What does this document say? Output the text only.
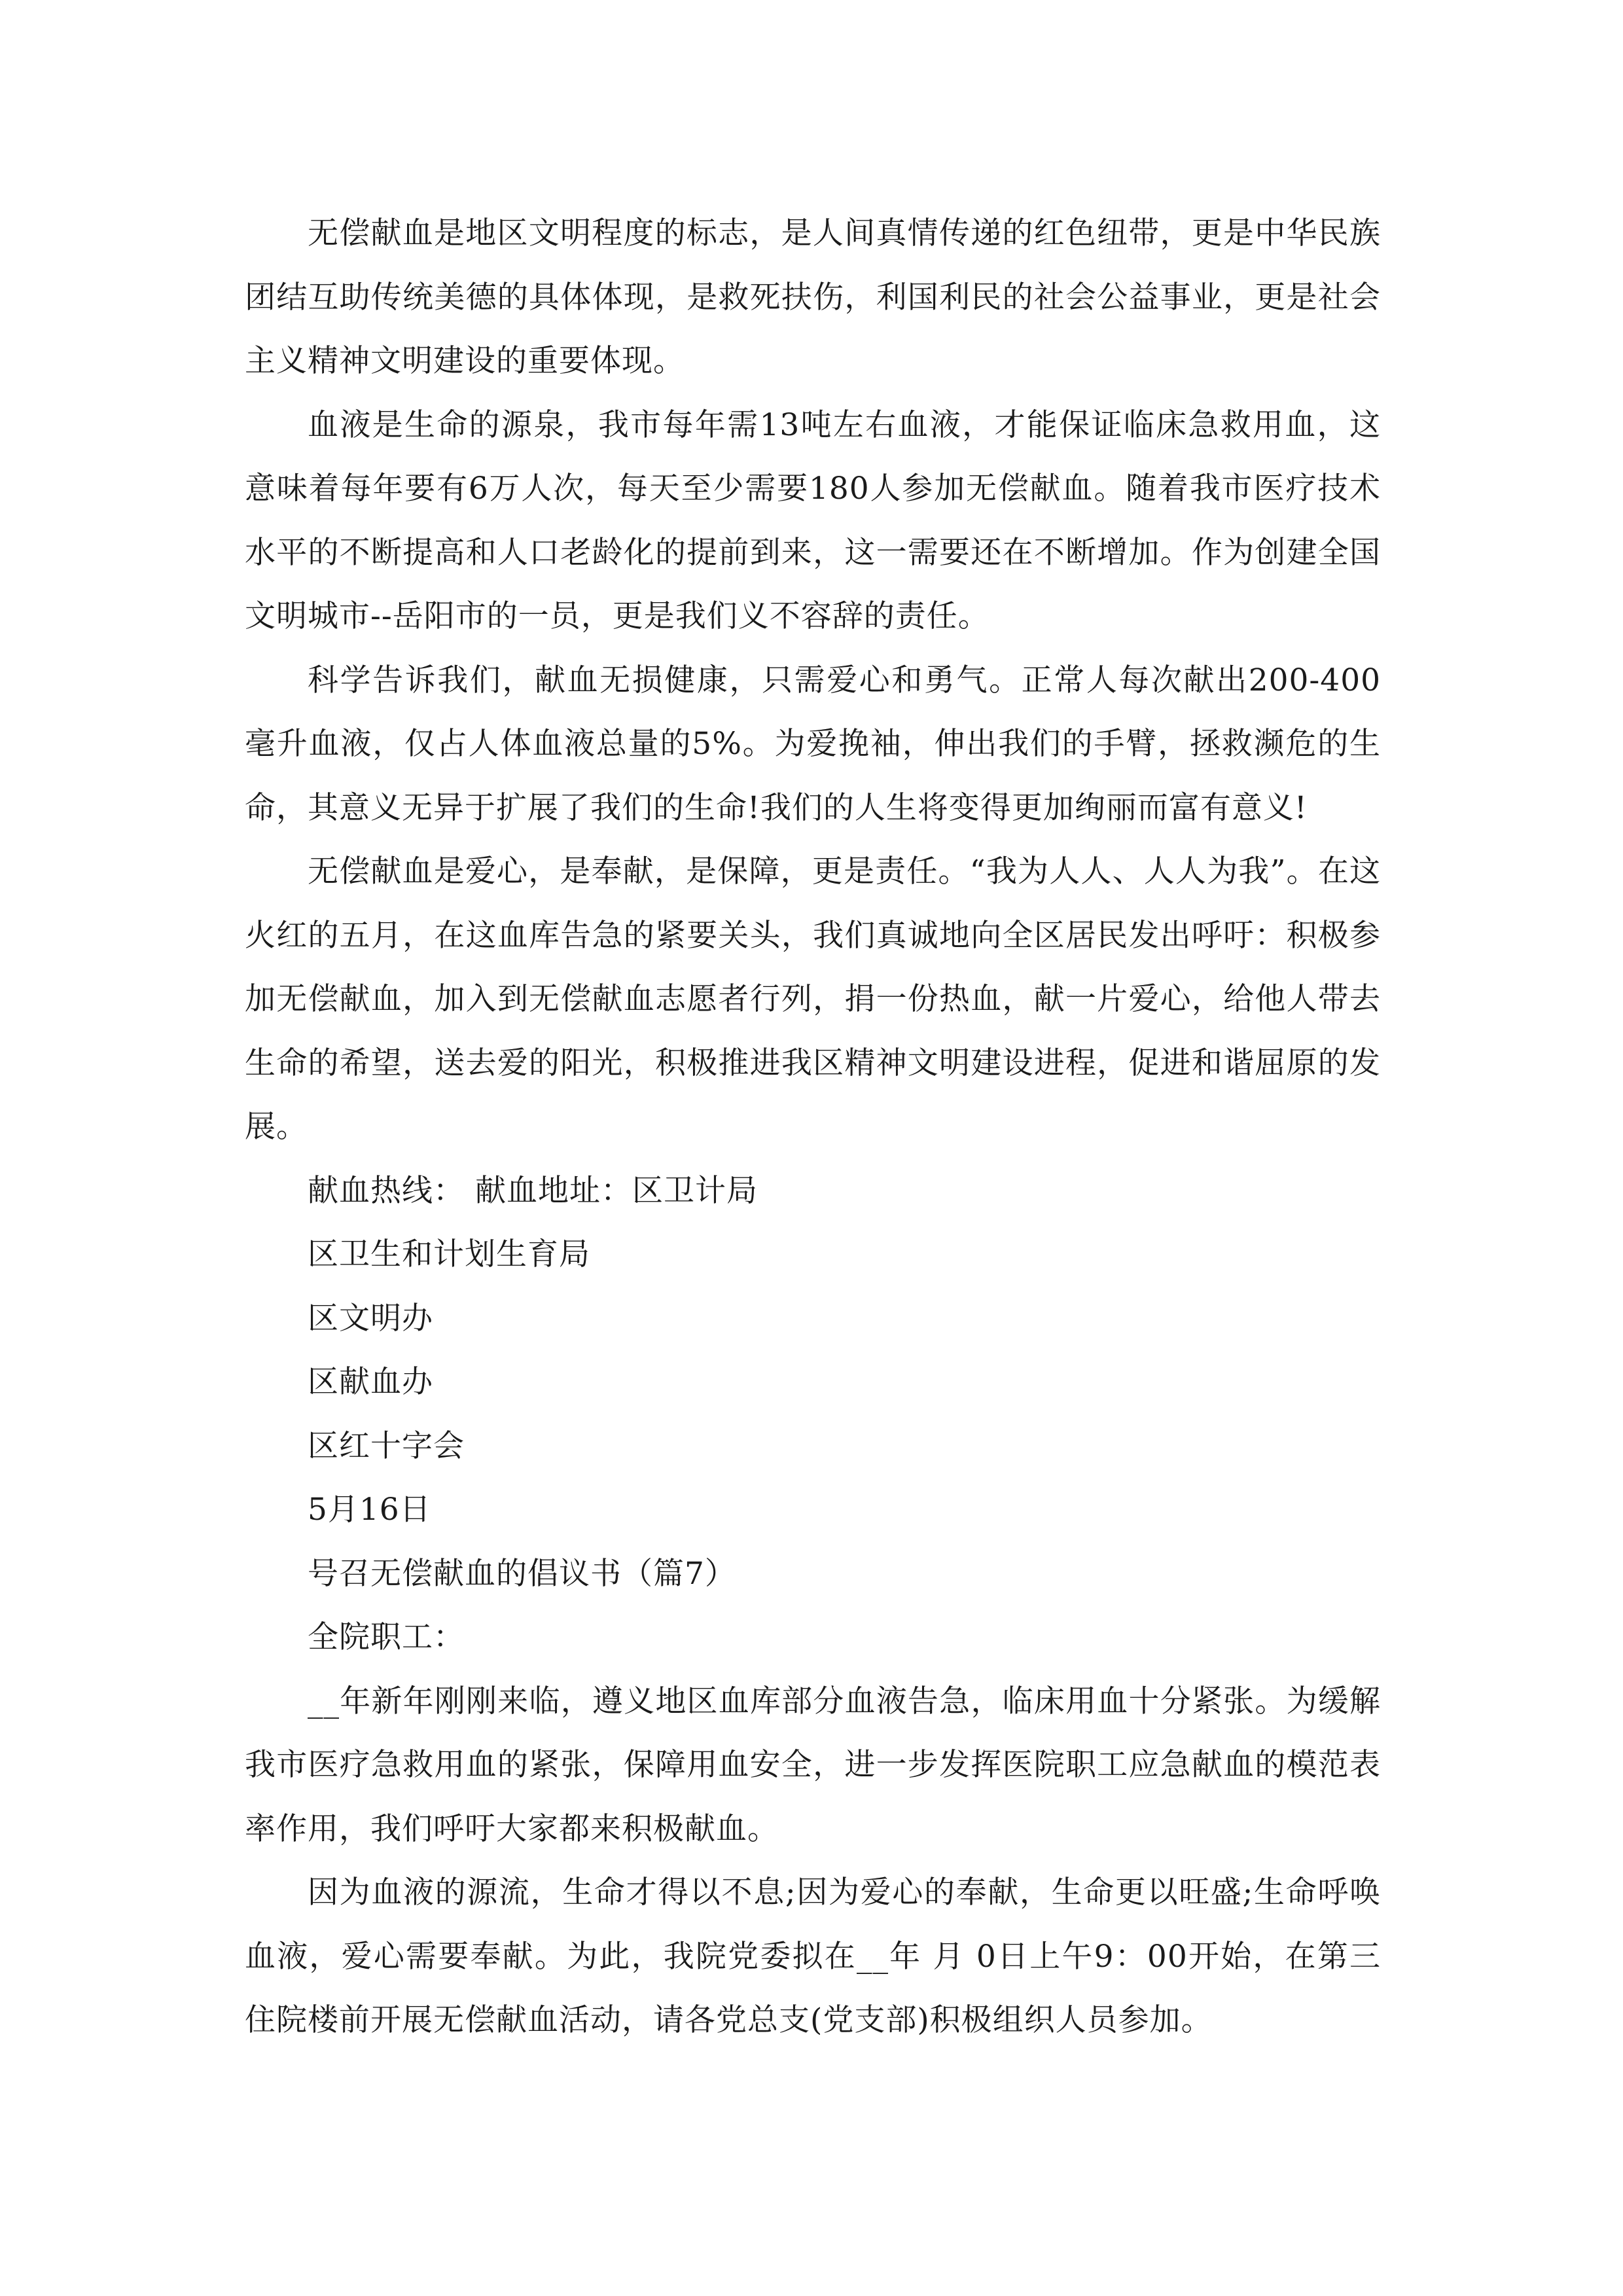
无偿献血是地区文明程度的标志，是人间真情传递的红色纽带，更是中华民族团结互助传统美德的具体体现，是救死扶伤，利国利民的社会公益事业，更是社会主义精神文明建设的重要体现。

血液是生命的源泉，我市每年需13吨左右血液，才能保证临床急救用血，这意味着每年要有6万人次，每天至少需要180人参加无偿献血。随着我市医疗技术水平的不断提高和人口老龄化的提前到来，这一需要还在不断增加。作为创建全国文明城市--岳阳市的一员，更是我们义不容辞的责任。

科学告诉我们，献血无损健康，只需爱心和勇气。正常人每次献出200-400毫升血液，仅占人体血液总量的5%。为爱挽袖，伸出我们的手臂，拯救濒危的生命，其意义无异于扩展了我们的生命!我们的人生将变得更加绚丽而富有意义!

无偿献血是爱心，是奉献，是保障，更是责任。“我为人人、人人为我”。在这火红的五月，在这血库告急的紧要关头，我们真诚地向全区居民发出呼吁：积极参加无偿献血，加入到无偿献血志愿者行列，捐一份热血，献一片爱心，给他人带去生命的希望，送去爱的阳光，积极推进我区精神文明建设进程，促进和谐屈原的发展。

献血热线： 献血地址：区卫计局

区卫生和计划生育局

区文明办

区献血办

区红十字会

5月16日

号召无偿献血的倡议书（篇7）

全院职工：

__年新年刚刚来临，遵义地区血库部分血液告急，临床用血十分紧张。为缓解我市医疗急救用血的紧张，保障用血安全，进一步发挥医院职工应急献血的模范表率作用，我们呼吁大家都来积极献血。

因为血液的源流，生命才得以不息;因为爱心的奉献，生命更以旺盛;生命呼唤血液，爱心需要奉献。为此，我院党委拟在__年 月 0日上午9：00开始，在第三住院楼前开展无偿献血活动，请各党总支(党支部)积极组织人员参加。
